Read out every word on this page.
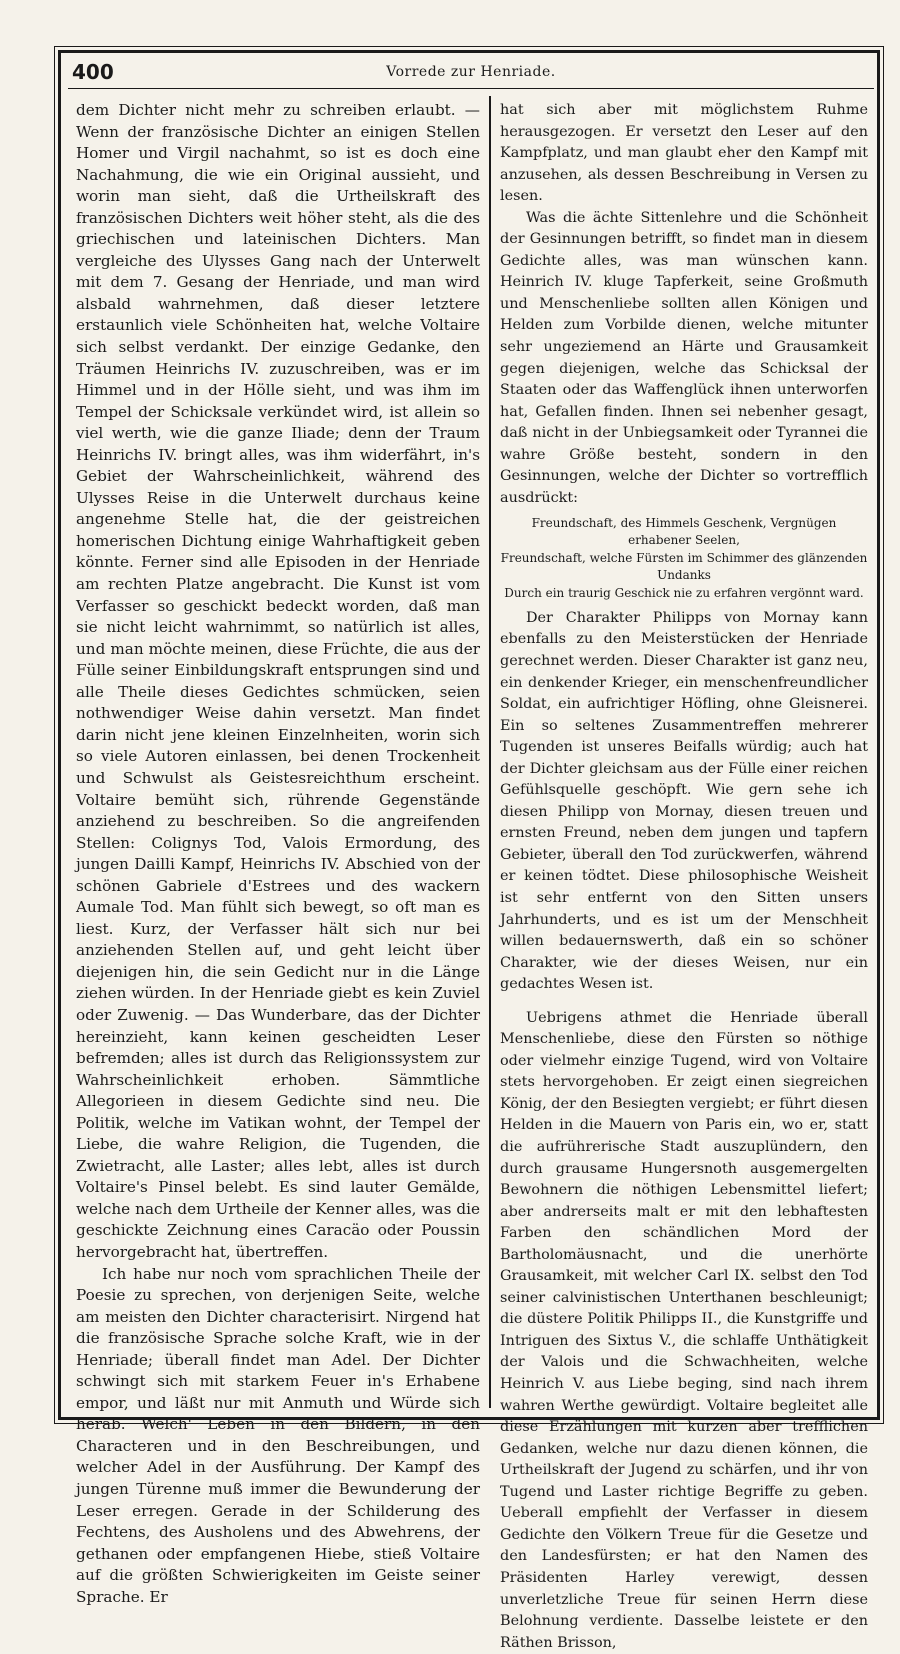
400	Vorrede zur Henriade.

dem Dichter nicht mehr zu schreiben erlaubt. — Wenn der französische Dichter an einigen Stellen Homer und Virgil nachahmt, so ist es doch eine Nachahmung, die wie ein Original aussieht, und worin man sieht, daß die Urtheilskraft des französischen Dichters weit höher steht, als die des griechischen und lateinischen Dichters. Man vergleiche des Ulysses Gang nach der Unterwelt mit dem 7. Gesang der Henriade, und man wird alsbald wahrnehmen, daß dieser letztere erstaunlich viele Schönheiten hat, welche Voltaire sich selbst verdankt. Der einzige Gedanke, den Träumen Heinrichs IV. zuzuschreiben, was er im Himmel und in der Hölle sieht, und was ihm im Tempel der Schicksale verkündet wird, ist allein so viel werth, wie die ganze Iliade; denn der Traum Heinrichs IV. bringt alles, was ihm widerfährt, in's Gebiet der Wahrscheinlichkeit, während des Ulysses Reise in die Unterwelt durchaus keine angenehme Stelle hat, die der geistreichen homerischen Dichtung einige Wahrhaftigkeit geben könnte. Ferner sind alle Episoden in der Henriade am rechten Platze angebracht. Die Kunst ist vom Verfasser so geschickt bedeckt worden, daß man sie nicht leicht wahrnimmt, so natürlich ist alles, und man möchte meinen, diese Früchte, die aus der Fülle seiner Einbildungskraft entsprungen sind und alle Theile dieses Gedichtes schmücken, seien nothwendiger Weise dahin versetzt. Man findet darin nicht jene kleinen Einzelnheiten, worin sich so viele Autoren einlassen, bei denen Trockenheit und Schwulst als Geistesreichthum erscheint. Voltaire bemüht sich, rührende Gegenstände anziehend zu beschreiben. So die angreifenden Stellen: Colignys Tod, Valois Ermordung, des jungen Dailli Kampf, Heinrichs IV. Abschied von der schönen Gabriele d'Estrees und des wackern Aumale Tod. Man fühlt sich bewegt, so oft man es liest. Kurz, der Verfasser hält sich nur bei anziehenden Stellen auf, und geht leicht über diejenigen hin, die sein Gedicht nur in die Länge ziehen würden. In der Henriade giebt es kein Zuviel oder Zuwenig. — Das Wunderbare, das der Dichter hereinzieht, kann keinen gescheidten Leser befremden; alles ist durch das Religionssystem zur Wahrscheinlichkeit erhoben. Sämmtliche Allegorieen in diesem Gedichte sind neu. Die Politik, welche im Vatikan wohnt, der Tempel der Liebe, die wahre Religion, die Tugenden, die Zwietracht, alle Laster; alles lebt, alles ist durch Voltaire's Pinsel belebt. Es sind lauter Gemälde, welche nach dem Urtheile der Kenner alles, was die geschickte Zeichnung eines Caracäo oder Poussin hervorgebracht hat, übertreffen.

Ich habe nur noch vom sprachlichen Theile der Poesie zu sprechen, von derjenigen Seite, welche am meisten den Dichter characterisirt. Nirgend hat die französische Sprache solche Kraft, wie in der Henriade; überall findet man Adel. Der Dichter schwingt sich mit starkem Feuer in's Erhabene empor, und läßt nur mit Anmuth und Würde sich herab. Welch' Leben in den Bildern, in den Characteren und in den Beschreibungen, und welcher Adel in der Ausführung. Der Kampf des jungen Türenne muß immer die Bewunderung der Leser erregen. Gerade in der Schilderung des Fechtens, des Ausholens und des Abwehrens, der gethanen oder empfangenen Hiebe, stieß Voltaire auf die größten Schwierigkeiten im Geiste seiner Sprache. Er

hat sich aber mit möglichstem Ruhme herausgezogen. Er versetzt den Leser auf den Kampfplatz, und man glaubt eher den Kampf mit anzusehen, als dessen Beschreibung in Versen zu lesen.

Was die ächte Sittenlehre und die Schönheit der Gesinnungen betrifft, so findet man in diesem Gedichte alles, was man wünschen kann. Heinrich IV. kluge Tapferkeit, seine Großmuth und Menschenliebe sollten allen Königen und Helden zum Vorbilde dienen, welche mitunter sehr ungeziemend an Härte und Grausamkeit gegen diejenigen, welche das Schicksal der Staaten oder das Waffenglück ihnen unterworfen hat, Gefallen finden. Ihnen sei nebenher gesagt, daß nicht in der Unbiegsamkeit oder Tyrannei die wahre Größe besteht, sondern in den Gesinnungen, welche der Dichter so vortrefflich ausdrückt:

Freundschaft, des Himmels Geschenk, Vergnügen erhabener Seelen,
Freundschaft, welche Fürsten im Schimmer des glänzenden Undanks
Durch ein traurig Geschick nie zu erfahren vergönnt ward.

Der Charakter Philipps von Mornay kann ebenfalls zu den Meisterstücken der Henriade gerechnet werden. Dieser Charakter ist ganz neu, ein denkender Krieger, ein menschenfreundlicher Soldat, ein aufrichtiger Höfling, ohne Gleisnerei. Ein so seltenes Zusammentreffen mehrerer Tugenden ist unseres Beifalls würdig; auch hat der Dichter gleichsam aus der Fülle einer reichen Gefühlsquelle geschöpft. Wie gern sehe ich diesen Philipp von Mornay, diesen treuen und ernsten Freund, neben dem jungen und tapfern Gebieter, überall den Tod zurückwerfen, während er keinen tödtet. Diese philosophische Weisheit ist sehr entfernt von den Sitten unsers Jahrhunderts, und es ist um der Menschheit willen bedauernswerth, daß ein so schöner Charakter, wie der dieses Weisen, nur ein gedachtes Wesen ist.

Uebrigens athmet die Henriade überall Menschenliebe, diese den Fürsten so nöthige oder vielmehr einzige Tugend, wird von Voltaire stets hervorgehoben. Er zeigt einen siegreichen König, der den Besiegten vergiebt; er führt diesen Helden in die Mauern von Paris ein, wo er, statt die aufrührerische Stadt auszuplündern, den durch grausame Hungersnoth ausgemergelten Bewohnern die nöthigen Lebensmittel liefert; aber andrerseits malt er mit den lebhaftesten Farben den schändlichen Mord der Bartholomäusnacht, und die unerhörte Grausamkeit, mit welcher Carl IX. selbst den Tod seiner calvinistischen Unterthanen beschleunigt; die düstere Politik Philipps II., die Kunstgriffe und Intriguen des Sixtus V., die schlaffe Unthätigkeit der Valois und die Schwachheiten, welche Heinrich V. aus Liebe beging, sind nach ihrem wahren Werthe gewürdigt. Voltaire begleitet alle diese Erzählungen mit kurzen aber trefflichen Gedanken, welche nur dazu dienen können, die Urtheilskraft der Jugend zu schärfen, und ihr von Tugend und Laster richtige Begriffe zu geben. Ueberall empfiehlt der Verfasser in diesem Gedichte den Völkern Treue für die Gesetze und den Landesfürsten; er hat den Namen des Präsidenten Harley verewigt, dessen unverletzliche Treue für seinen Herrn diese Belohnung verdiente. Dasselbe leistete er den Räthen Brisson,
